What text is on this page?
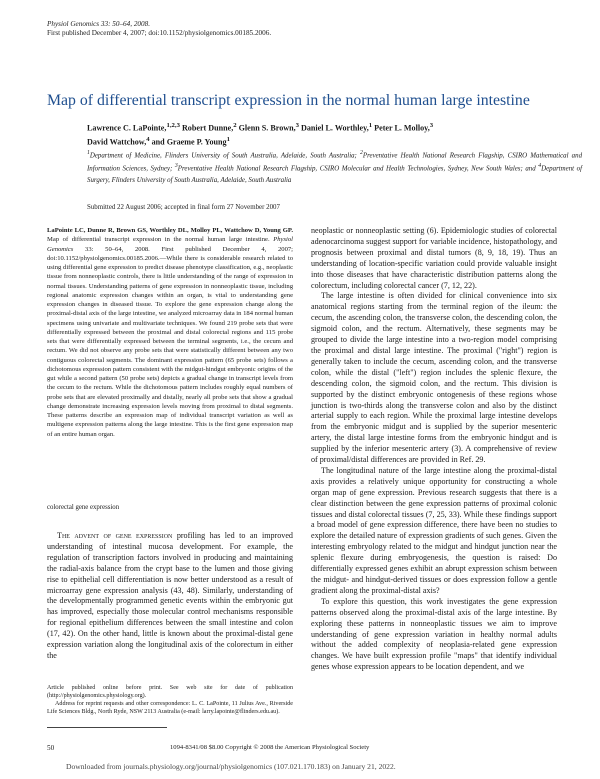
Physiol Genomics 33: 50–64, 2008.
First published December 4, 2007; doi:10.1152/physiolgenomics.00185.2006.
Map of differential transcript expression in the normal human large intestine
Lawrence C. LaPointe,$^{1,2,3}$ Robert Dunne,$^2$ Glenn S. Brown,$^3$ Daniel L. Worthley,$^1$ Peter L. Molloy,$^3$
David Wattchow,$^4$ and Graeme P. Young$^1$
$^1$Department of Medicine, Flinders University of South Australia, Adelaide, South Australia; $^2$Preventative Health National Research Flagship, CSIRO Mathematical and Information Sciences, Sydney; $^3$Preventative Health National Research Flagship, CSIRO Molecular and Health Technologies, Sydney, New South Wales; and $^4$Department of Surgery, Flinders University of South Australia, Adelaide, South Australia
Submitted 22 August 2006; accepted in final form 27 November 2007
LaPointe LC, Dunne R, Brown GS, Worthley DL, Molloy PL, Wattchow D, Young GP. Map of differential transcript expression in the normal human large intestine. Physiol Genomics 33: 50–64, 2008. First published December 4, 2007; doi:10.1152/physiolgenomics.00185.2006.—While there is considerable research related to using differential gene expression to predict disease phenotype classification, e.g., neoplastic tissue from nonneoplastic controls, there is little understanding of the range of expression in normal tissues. Understanding patterns of gene expression in nonneoplastic tissue, including regional anatomic expression changes within an organ, is vital to understanding gene expression changes in diseased tissue. To explore the gene expression change along the proximal-distal axis of the large intestine, we analyzed microarray data in 184 normal human specimens using univariate and multivariate techniques. We found 219 probe sets that were differentially expressed between the proximal and distal colorectal regions and 115 probe sets that were differentially expressed between the terminal segments, i.e., the cecum and rectum. We did not observe any probe sets that were statistically different between any two contiguous colorectal segments. The dominant expression pattern (65 probe sets) follows a dichotomous expression pattern consistent with the midgut-hindgut embryonic origins of the gut while a second pattern (50 probe sets) depicts a gradual change in transcript levels from the cecum to the rectum. While the dichotomous pattern includes roughly equal numbers of probe sets that are elevated proximally and distally, nearly all probe sets that show a gradual change demonstrate increasing expression levels moving from proximal to distal segments. These patterns describe an expression map of individual transcript variation as well as multigene expression patterns along the large intestine. This is the first gene expression map of an entire human organ.
colorectal gene expression

The advent of gene expression profiling has led to an improved understanding of intestinal mucosa development. For example, the regulation of transcription factors involved in producing and maintaining the radial-axis balance from the crypt base to the lumen and those giving rise to epithelial cell differentiation is now better understood as a result of microarray gene expression analysis (43, 48). Similarly, understanding of the developmentally programmed genetic events within the embryonic gut has improved, especially those molecular control mechanisms responsible for regional epithelium differences between the small intestine and colon (17, 42). On the other hand, little is known about the proximal-distal gene expression variation along the longitudinal axis of the colorectum in either the

neoplastic or nonneoplastic setting (6). Epidemiologic studies of colorectal adenocarcinoma suggest support for variable incidence, histopathology, and prognosis between proximal and distal tumors (8, 9, 18, 19). Thus an understanding of location-specific variation could provide valuable insight into those diseases that have characteristic distribution patterns along the colorectum, including colorectal cancer (7, 12, 22).

The large intestine is often divided for clinical convenience into six anatomical regions starting from the terminal region of the ileum: the cecum, the ascending colon, the transverse colon, the descending colon, the sigmoid colon, and the rectum. Alternatively, these segments may be grouped to divide the large intestine into a two-region model comprising the proximal and distal large intestine. The proximal ("right") region is generally taken to include the cecum, ascending colon, and the transverse colon, while the distal ("left") region includes the splenic flexure, the descending colon, the sigmoid colon, and the rectum. This division is supported by the distinct embryonic ontogenesis of these regions whose junction is two-thirds along the transverse colon and also by the distinct arterial supply to each region. While the proximal large intestine develops from the embryonic midgut and is supplied by the superior mesenteric artery, the distal large intestine forms from the embryonic hindgut and is supplied by the inferior mesenteric artery (3). A comprehensive of review of proximal/distal differences are provided in Ref. 29.

The longitudinal nature of the large intestine along the proximal-distal axis provides a relatively unique opportunity for constructing a whole organ map of gene expression. Previous research suggests that there is a clear distinction between the gene expression patterns of proximal colonic tissues and distal colorectal tissues (7, 25, 33). While these findings support a broad model of gene expression difference, there have been no studies to explore the detailed nature of expression gradients of such genes. Given the interesting embryology related to the midgut and hindgut junction near the splenic flexure during embryogenesis, the question is raised: Do differentially expressed genes exhibit an abrupt expression schism between the midgut- and hindgut-derived tissues or does expression follow a gentle gradient along the proximal-distal axis?

To explore this question, this work investigates the gene expression patterns observed along the proximal-distal axis of the large intestine. By exploring these patterns in nonneoplastic tissues we aim to improve understanding of gene expression variation in healthy normal adults without the added complexity of neoplasia-related gene expression changes. We have built expression profile "maps" that identify individual genes whose expression appears to be location dependent, and we

Article published online before print. See web site for date of publication (http://physiolgenomics.physiology.org).
Address for reprint requests and other correspondence: L. C. LaPointe, 11 Julius Ave., Riverside Life Sciences Bldg., North Ryde, NSW 2113 Australia (e-mail: larry.lapointe@flinders.edu.au).
50	1094-8341/08 $8.00 Copyright © 2008 the American Physiological Society
Downloaded from journals.physiology.org/journal/physiolgenomics (107.021.170.183) on January 21, 2022.
